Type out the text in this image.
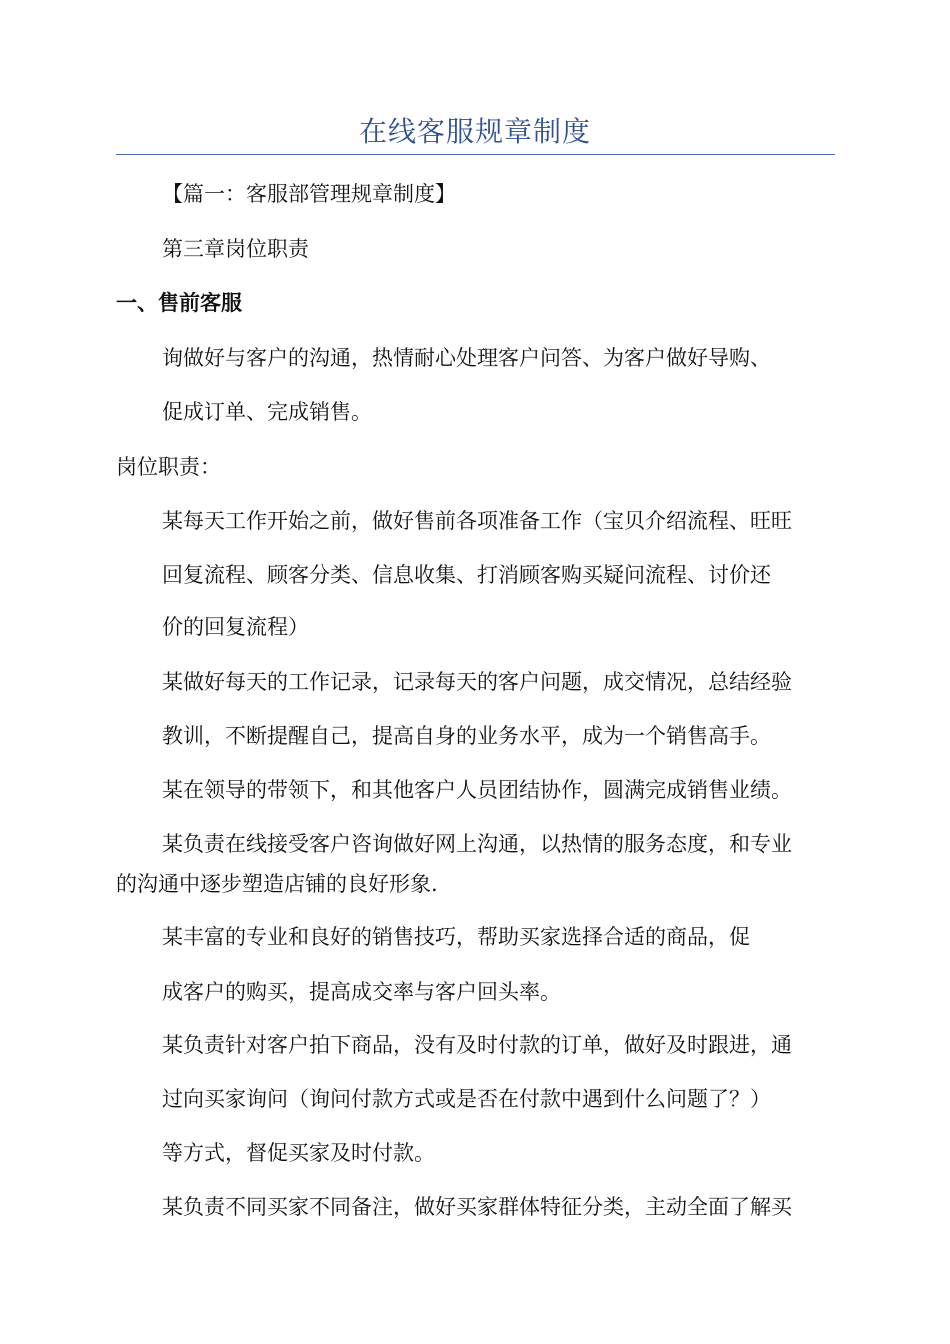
在线客服规章制度
【篇一：客服部管理规章制度】
第三章岗位职责
一、售前客服
询做好与客户的沟通，热情耐心处理客户问答、为客户做好导购、
促成订单、完成销售。
岗位职责：
某每天工作开始之前，做好售前各项准备工作（宝贝介绍流程、旺旺
回复流程、顾客分类、信息收集、打消顾客购买疑问流程、讨价还
价的回复流程）
某做好每天的工作记录，记录每天的客户问题，成交情况，总结经验
教训，不断提醒自己，提高自身的业务水平，成为一个销售高手。
某在领导的带领下，和其他客户人员团结协作，圆满完成销售业绩。
某负责在线接受客户咨询做好网上沟通，以热情的服务态度，和专业
的沟通中逐步塑造店铺的良好形象.
某丰富的专业和良好的销售技巧，帮助买家选择合适的商品，促
成客户的购买，提高成交率与客户回头率。
某负责针对客户拍下商品，没有及时付款的订单，做好及时跟进，通
过向买家询问（询问付款方式或是否在付款中遇到什么问题了？）
等方式，督促买家及时付款。
某负责不同买家不同备注，做好买家群体特征分类，主动全面了解买
